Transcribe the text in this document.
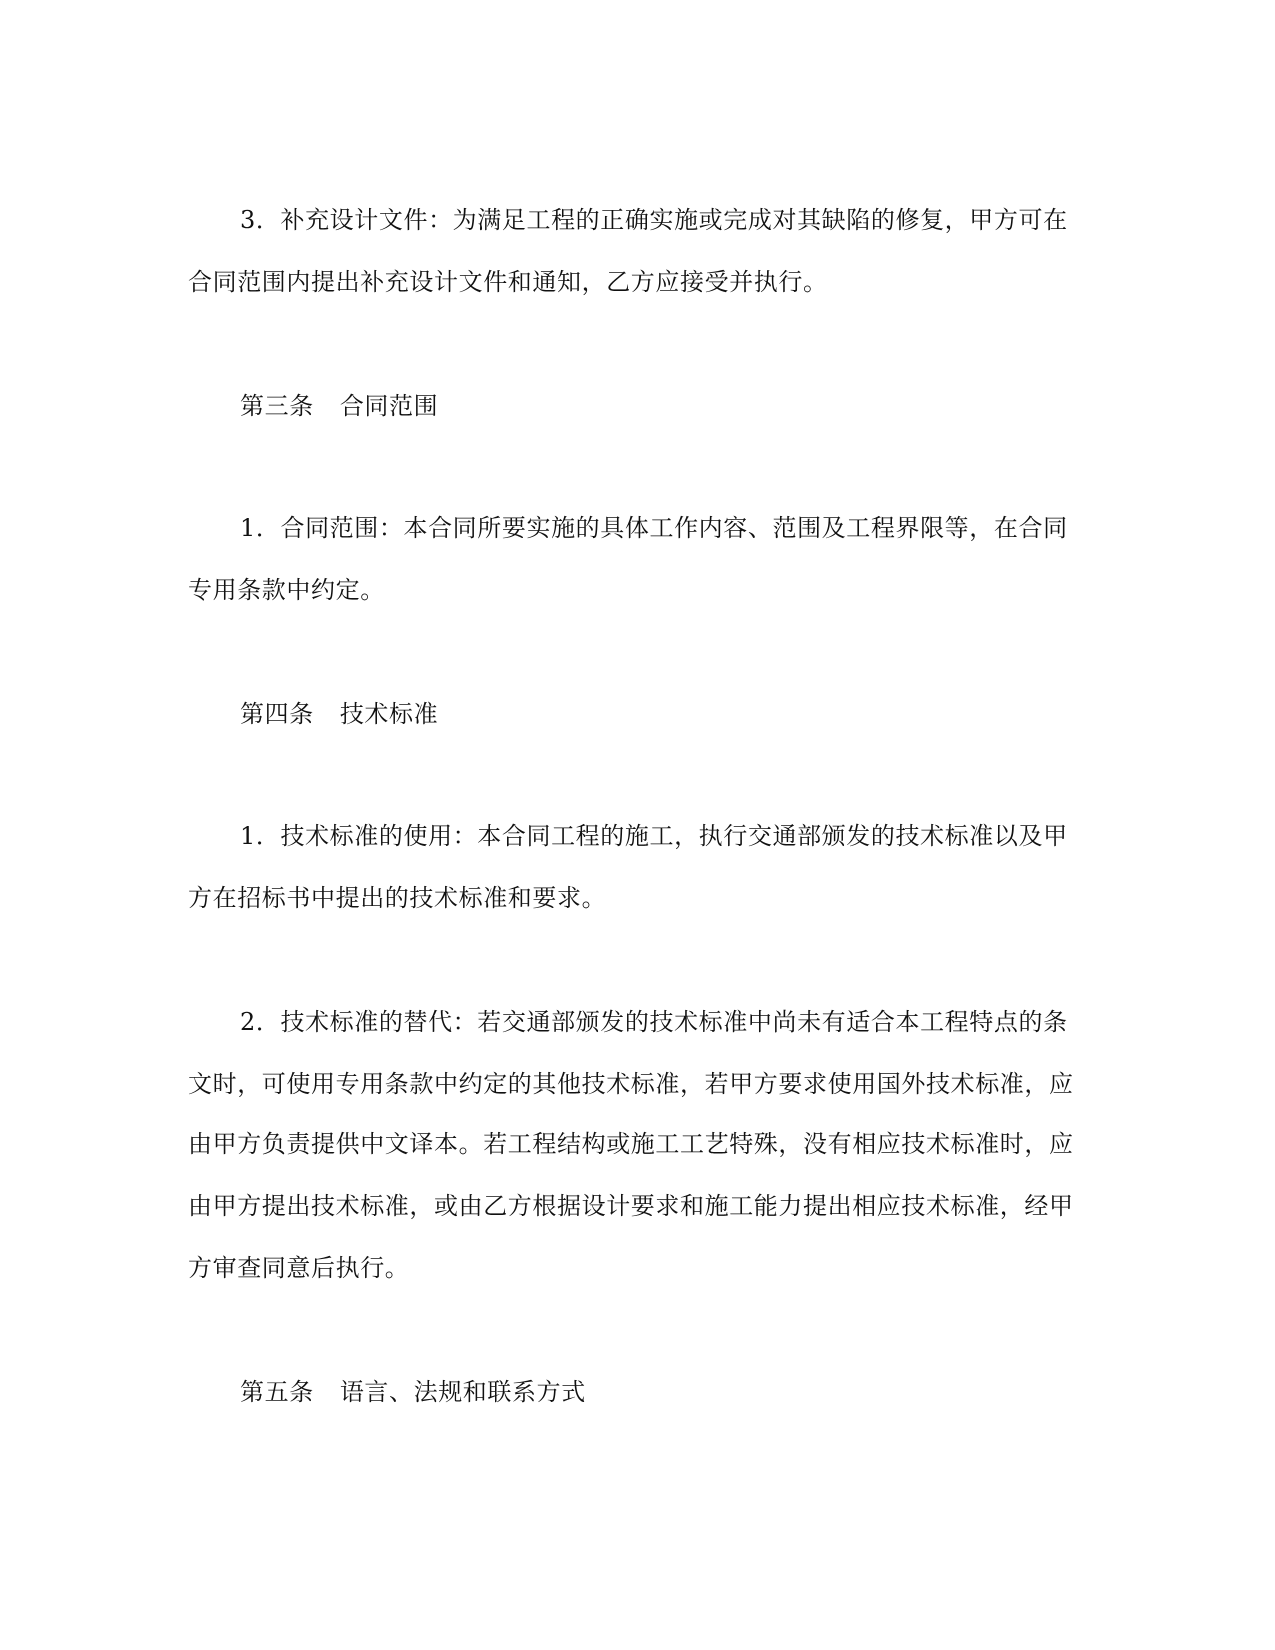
3．补充设计文件：为满足工程的正确实施或完成对其缺陷的修复，甲方可在
合同范围内提出补充设计文件和通知，乙方应接受并执行。
第三条 合同范围
1．合同范围：本合同所要实施的具体工作内容、范围及工程界限等，在合同
专用条款中约定。
第四条 技术标准
1．技术标准的使用：本合同工程的施工，执行交通部颁发的技术标准以及甲
方在招标书中提出的技术标准和要求。
2．技术标准的替代：若交通部颁发的技术标准中尚未有适合本工程特点的条
文时，可使用专用条款中约定的其他技术标准，若甲方要求使用国外技术标准，应
由甲方负责提供中文译本。若工程结构或施工工艺特殊，没有相应技术标准时，应
由甲方提出技术标准，或由乙方根据设计要求和施工能力提出相应技术标准，经甲
方审查同意后执行。
第五条 语言、法规和联系方式
